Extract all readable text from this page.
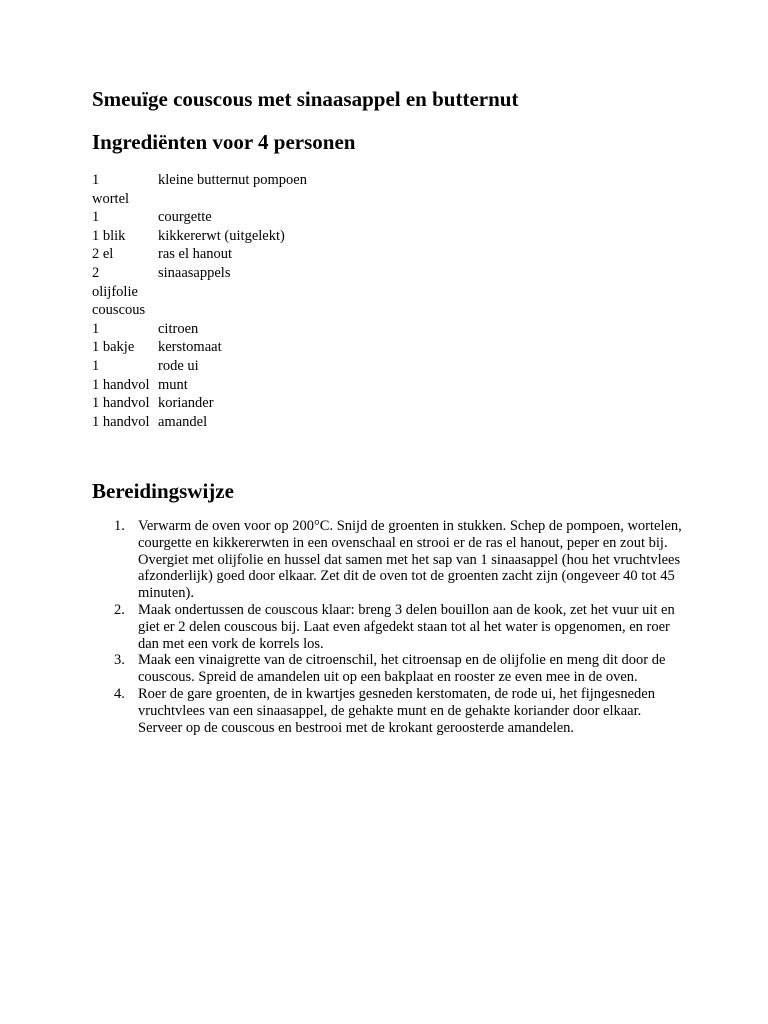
Smeuïge couscous met sinaasappel en butternut
Ingrediënten voor 4 personen
1	kleine butternut pompoen
wortel
1	courgette
1 blik	kikkererwt (uitgelekt)
2 el	ras el hanout
2	sinaasappels
olijfolie
couscous
1	citroen
1 bakje	kerstomaat
1	rode ui
1 handvol munt
1 handvol koriander
1 handvol amandel
Bereidingswijze
1. Verwarm de oven voor op 200°C. Snijd de groenten in stukken. Schep de pompoen, wortelen, courgette en kikkererwten in een ovenschaal en strooi er de ras el hanout, peper en zout bij. Overgiet met olijfolie en hussel dat samen met het sap van 1 sinaasappel (hou het vruchtvlees afzonderlijk) goed door elkaar. Zet dit de oven tot de groenten zacht zijn (ongeveer 40 tot 45 minuten).
2. Maak ondertussen de couscous klaar: breng 3 delen bouillon aan de kook, zet het vuur uit en giet er 2 delen couscous bij. Laat even afgedekt staan tot al het water is opgenomen, en roer dan met een vork de korrels los.
3. Maak een vinaigrette van de citroenschil, het citroensap en de olijfolie en meng dit door de couscous. Spreid de amandelen uit op een bakplaat en rooster ze even mee in de oven.
4. Roer de gare groenten, de in kwartjes gesneden kerstomaten, de rode ui, het fijngesneden vruchtvlees van een sinaasappel, de gehakte munt en de gehakte koriander door elkaar. Serveer op de couscous en bestrooi met de krokant geroosterde amandelen.
